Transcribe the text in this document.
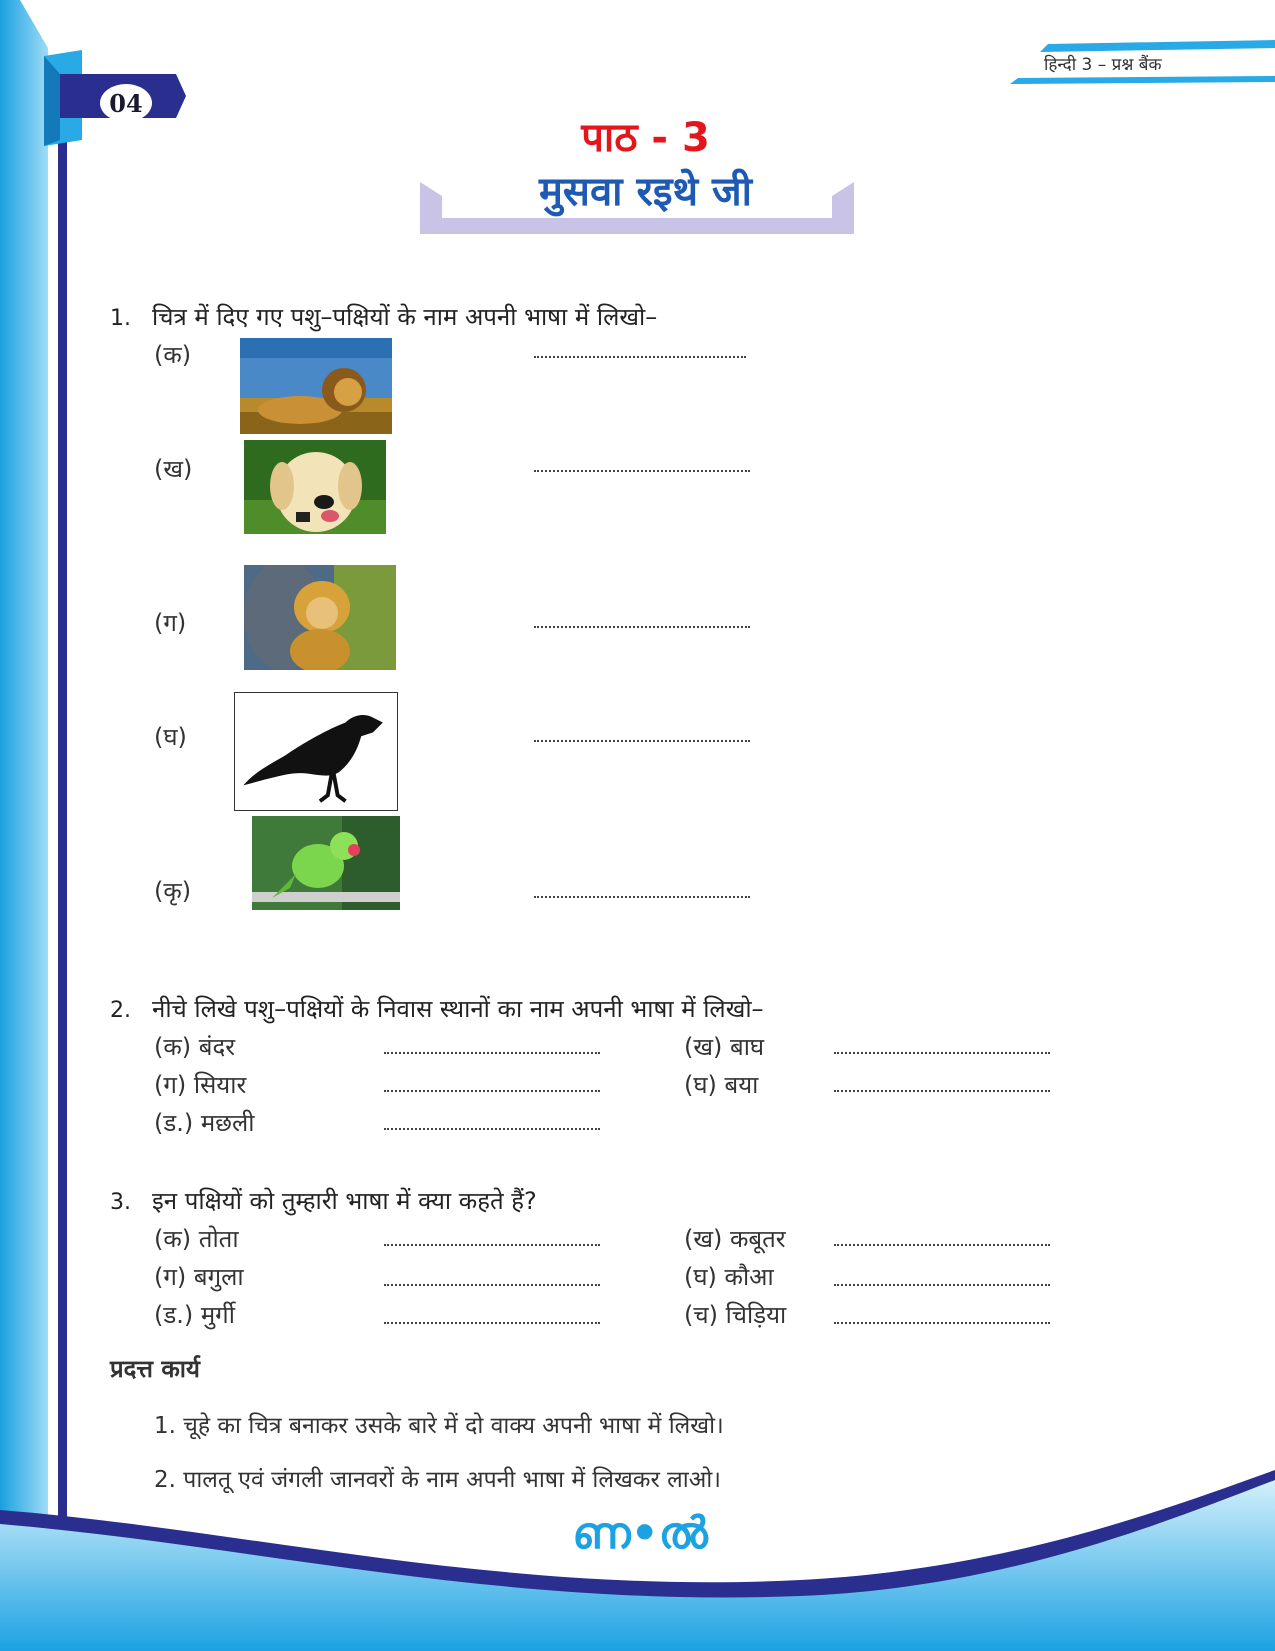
04
हिन्दी 3 – प्रश्न बैंक
पाठ - 3
मुसवा रइथे जी
1. चित्र में दिए गए पशु–पक्षियों के नाम अपनी भाषा में लिखो–
(क)
(ख)
(ग)
(घ)
(कृ)
2. नीचे लिखे पशु–पक्षियों के निवास स्थानों का नाम अपनी भाषा में लिखो–
(क) बंदर	(ख) बाघ
(ग) सियार	(घ) बया
(ड.) मछली
3. इन पक्षियों को तुम्हारी भाषा में क्या कहते हैं?
(क) तोता	(ख) कबूतर
(ग) बगुला	(घ) कौआ
(ड.) मुर्गी	(च) चिड़िया
प्रदत्त कार्य
1. चूहे का चित्र बनाकर उसके बारे में दो वाक्य अपनी भाषा में लिखो।
2. पालतू एवं जंगली जानवरों के नाम अपनी भाषा में लिखकर लाओ।
ണ•ൽ
